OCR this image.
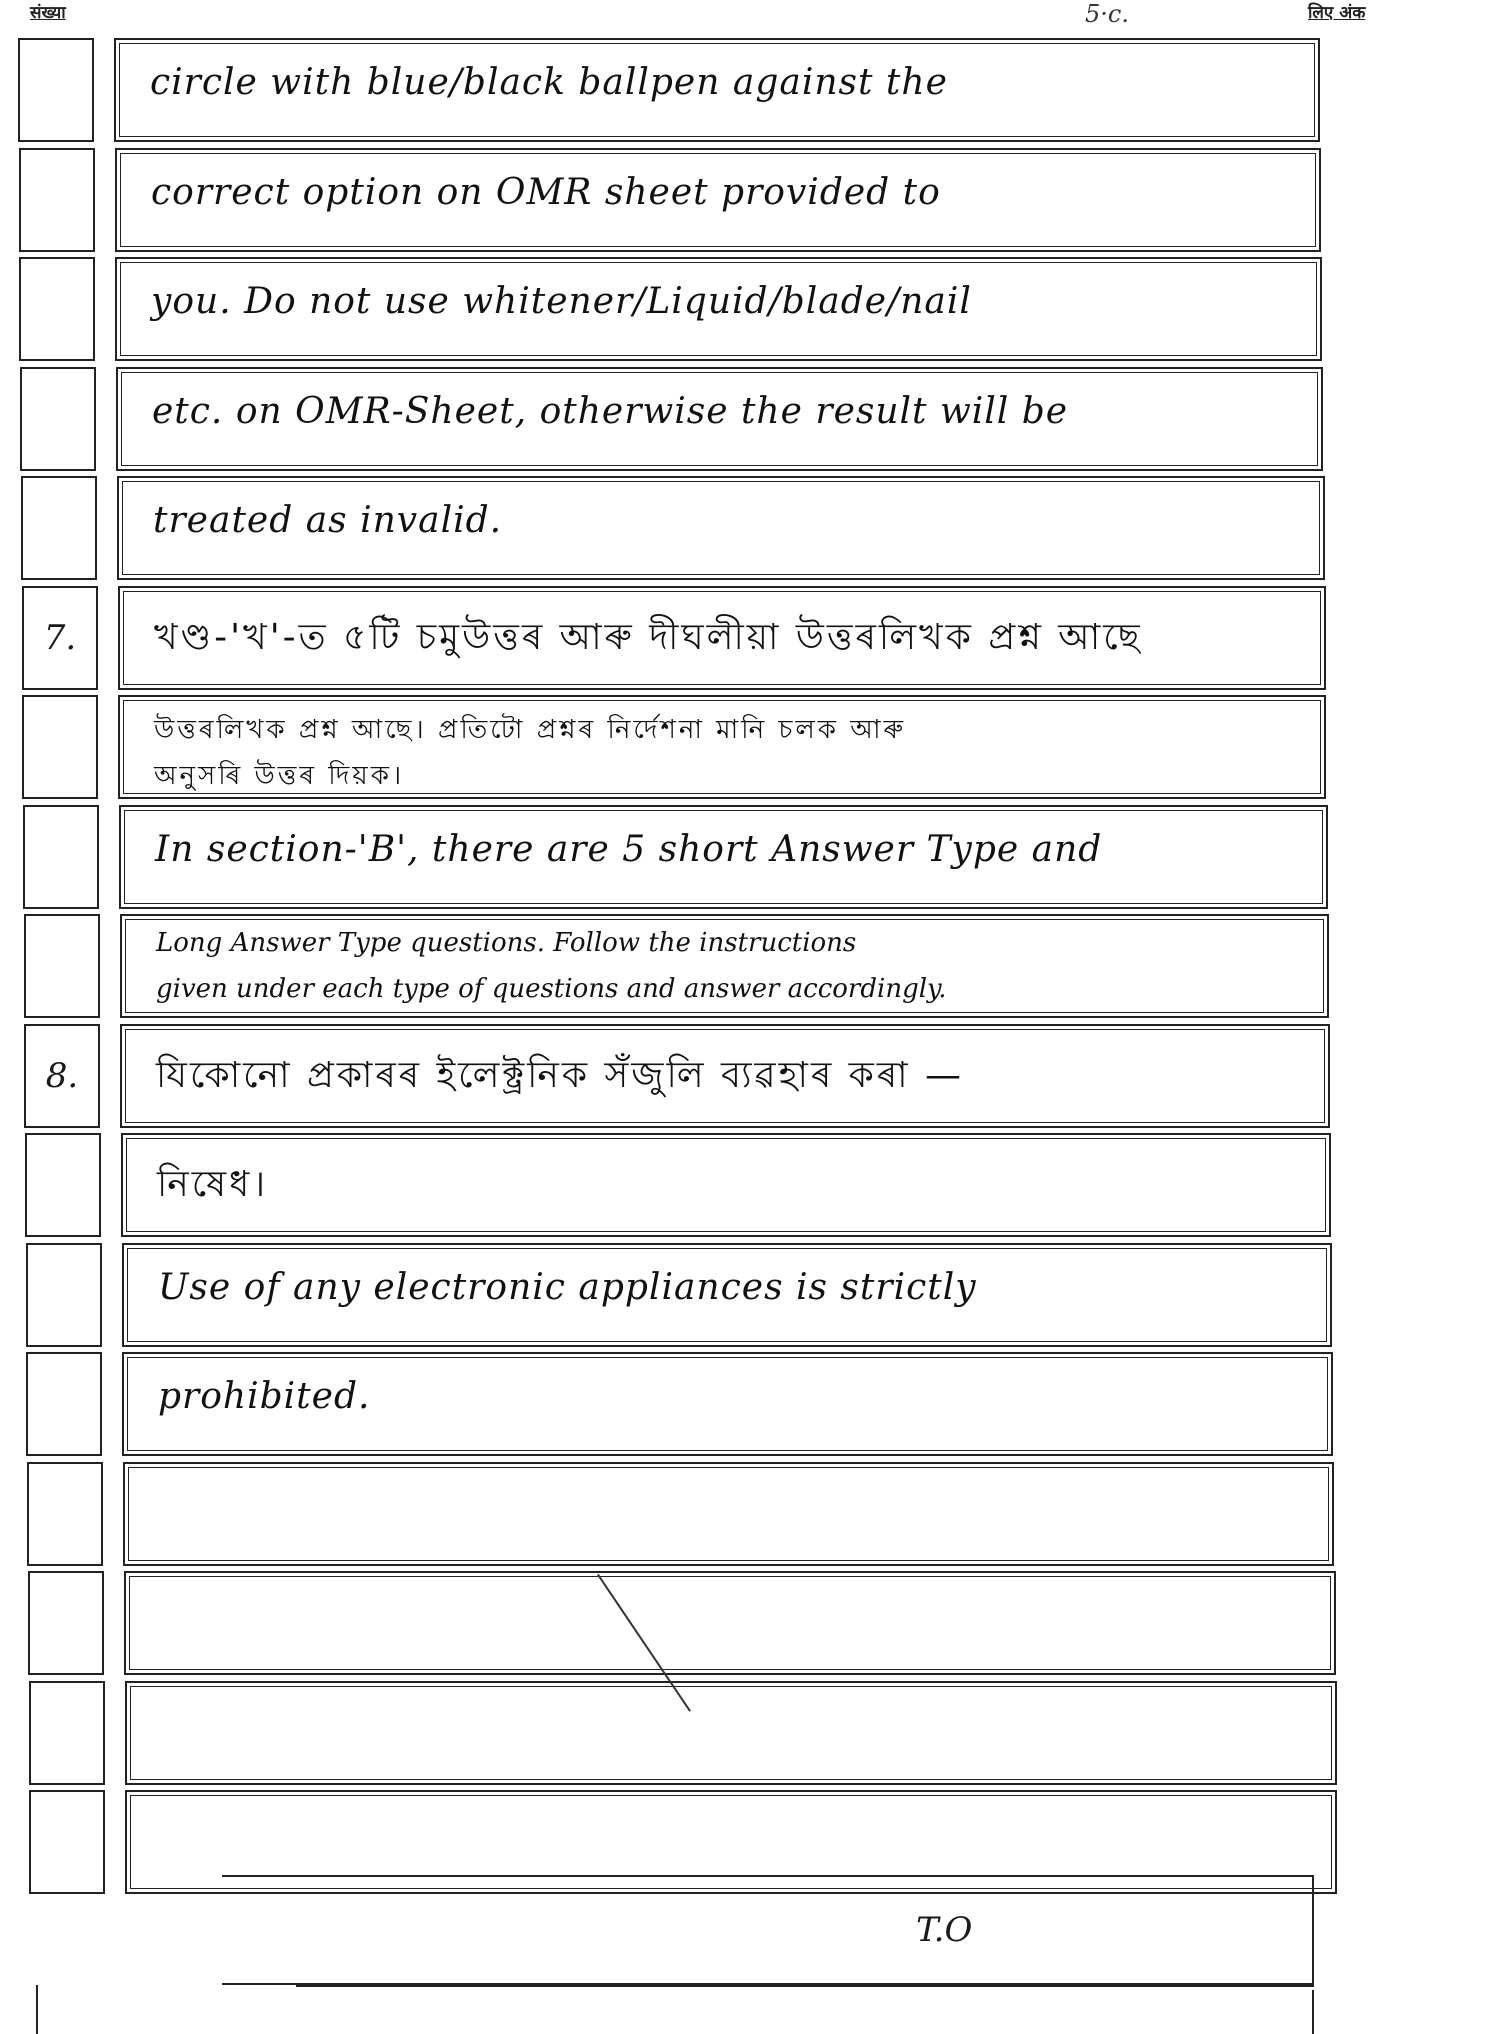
संख्या	5·c.	लिए अंक
circle with blue/black ballpen against the
correct option on OMR sheet provided to
you. Do not use whitener/Liquid/blade/nail
etc. on OMR-Sheet, otherwise the result will be
treated as invalid.
7.	খণ্ড-'খ'-ত ৫টি চমুউত্তৰ আৰু দীঘলীয়া উত্তৰলিখক প্ৰশ্ন আছে
উত্তৰলিখক প্ৰশ্ন আছে। প্ৰতিটো প্ৰশ্নৰ নিৰ্দেশনা মানি চলক আৰু
অনুসৰি উত্তৰ দিয়ক।
In section-'B', there are 5 short Answer Type and
Long Answer Type questions. Follow the instructions
given under each type of questions and answer accordingly.
8.	যিকোনো প্ৰকাৰৰ ইলেক্ট্ৰনিক সঁজুলি ব্যৱহাৰ কৰা —
নিষেধ।
Use of any electronic appliances is strictly
prohibited.
T.O
